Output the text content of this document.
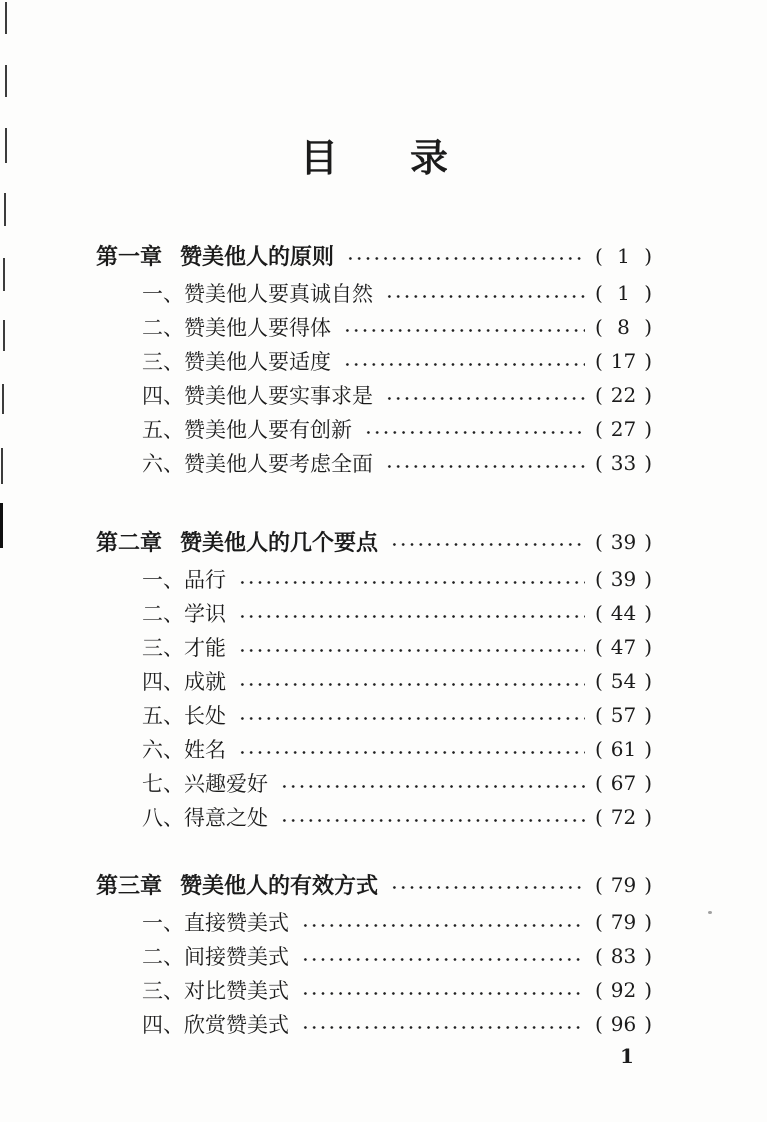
目 录
第一章 赞美他人的原则	( 1 )
一、赞美他人要真诚自然	( 1 )
二、赞美他人要得体	( 8 )
三、赞美他人要适度	( 17 )
四、赞美他人要实事求是	( 22 )
五、赞美他人要有创新	( 27 )
六、赞美他人要考虑全面	( 33 )
第二章 赞美他人的几个要点	( 39 )
一、品行	( 39 )
二、学识	( 44 )
三、才能	( 47 )
四、成就	( 54 )
五、长处	( 57 )
六、姓名	( 61 )
七、兴趣爱好	( 67 )
八、得意之处	( 72 )
第三章 赞美他人的有效方式	( 79 )
一、直接赞美式	( 79 )
二、间接赞美式	( 83 )
三、对比赞美式	( 92 )
四、欣赏赞美式	( 96 )
1
